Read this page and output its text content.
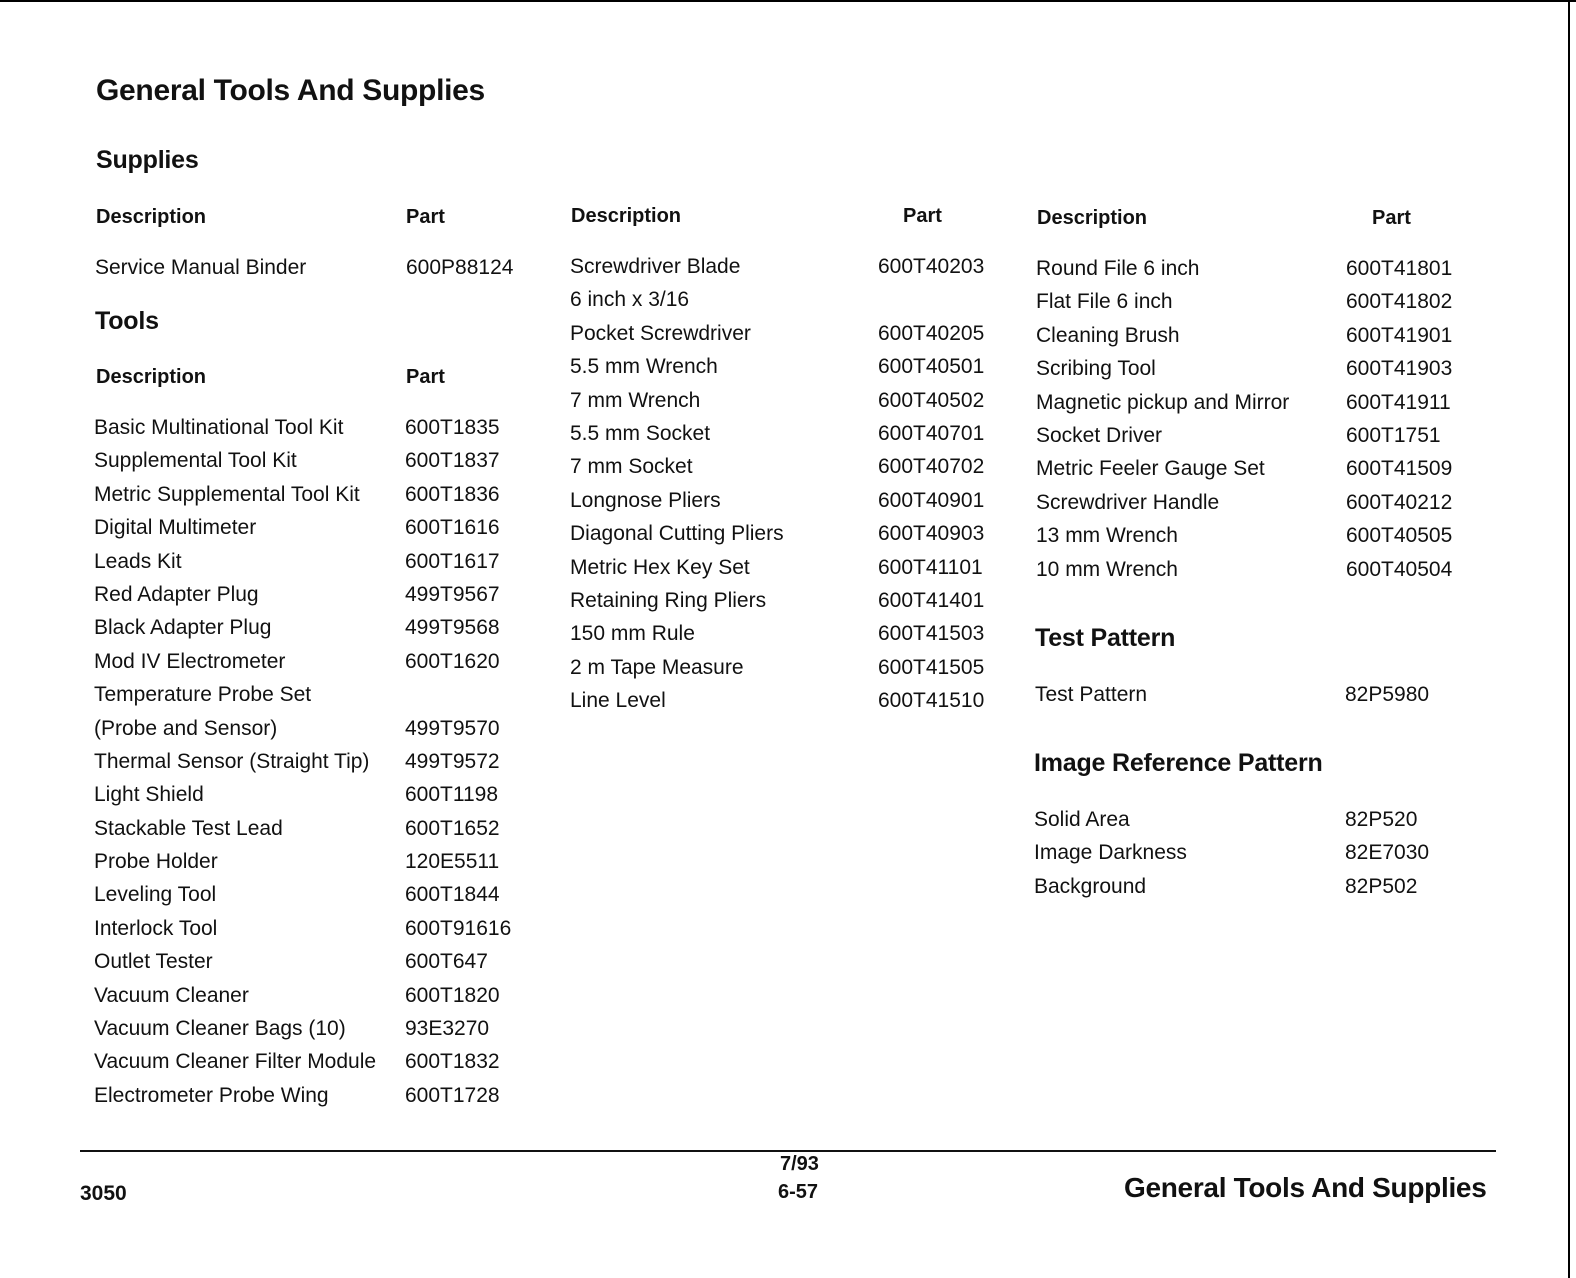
General Tools And Supplies
Supplies
Description	Part
Service Manual Binder	600P88124
Tools
Description	Part
Basic Multinational Tool Kit	600T1835
Supplemental Tool Kit	600T1837
Metric Supplemental Tool Kit 600T1836
Digital Multimeter	600T1616
Leads Kit	600T1617
Red Adapter Plug	499T9567
Black Adapter Plug	499T9568
Mod IV Electrometer	600T1620
Temperature Probe Set
(Probe and Sensor)	499T9570
Thermal Sensor (Straight Tip) 499T9572
Light Shield	600T1198
Stackable Test Lead	600T1652
Probe Holder	120E5511
Leveling Tool	600T1844
Interlock Tool	600T91616
Outlet Tester	600T647
Vacuum Cleaner	600T1820
Vacuum Cleaner Bags (10)	93E3270
Vacuum Cleaner Filter Module 600T1832
Electrometer Probe Wing	600T1728
Description	Part
Screwdriver Blade	600T40203
6 inch x 3/16
Pocket Screwdriver	600T40205
5.5 mm Wrench	600T40501
7 mm Wrench	600T40502
5.5 mm Socket	600T40701
7 mm Socket	600T40702
Longnose Pliers	600T40901
Diagonal Cutting Pliers	600T40903
Metric Hex Key Set	600T41101
Retaining Ring Pliers	600T41401
150 mm Rule	600T41503
2 m Tape Measure	600T41505
Line Level	600T41510
Description	Part
Round File 6 inch	600T41801
Flat File 6 inch	600T41802
Cleaning Brush	600T41901
Scribing Tool	600T41903
Magnetic pickup and Mirror	600T41911
Socket Driver	600T1751
Metric Feeler Gauge Set	600T41509
Screwdriver Handle	600T40212
13 mm Wrench	600T40505
10 mm Wrench	600T40504
Test Pattern
Test Pattern	82P5980
Image Reference Pattern
Solid Area	82P520
Image Darkness	82E7030
Background	82P502
3050
7/93
6-57	General Tools And Supplies
